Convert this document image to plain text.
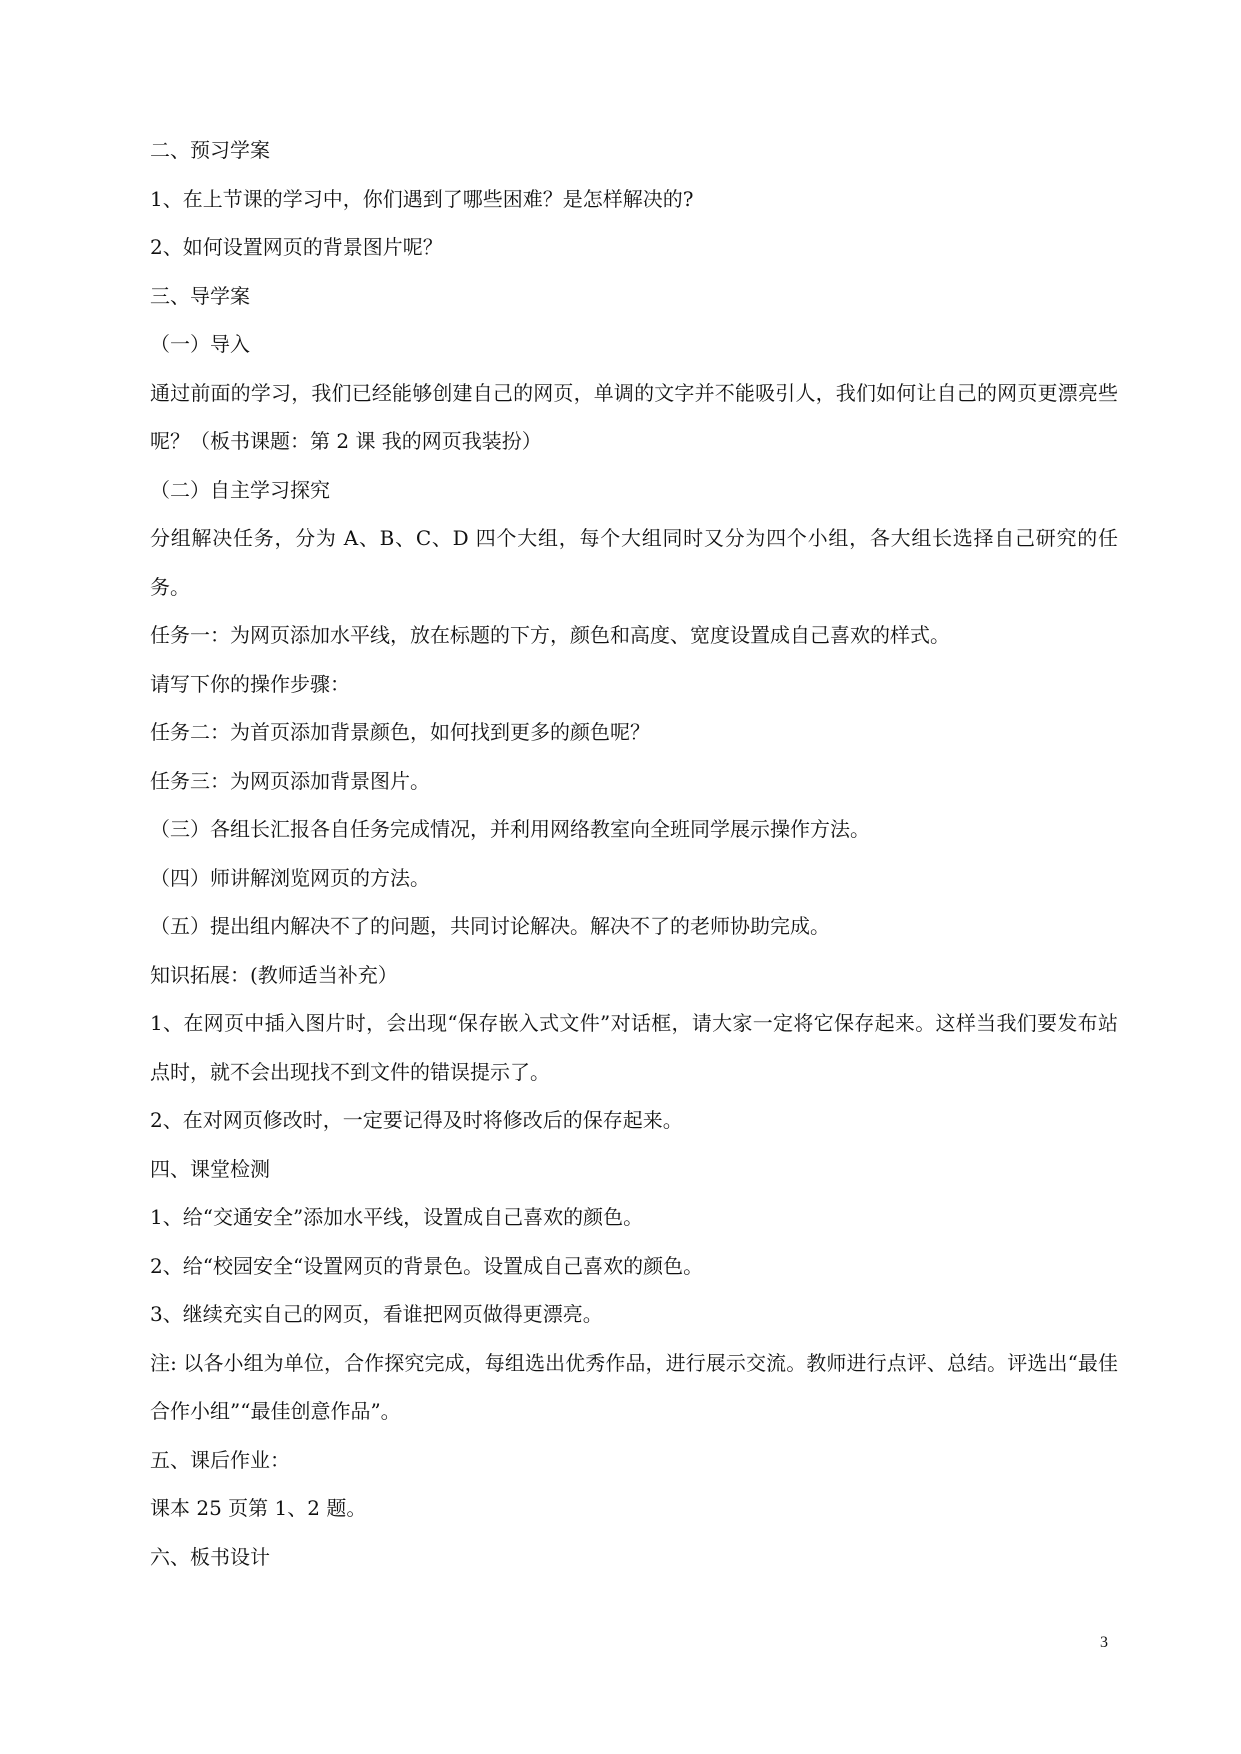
二、预习学案

1、在上节课的学习中，你们遇到了哪些困难？是怎样解决的?

2、如何设置网页的背景图片呢？

三、导学案

（一）导入

通过前面的学习，我们已经能够创建自己的网页，单调的文字并不能吸引人，我们如何让自己的网页更漂亮些呢？（板书课题：第 2 课 我的网页我装扮）

（二）自主学习探究

分组解决任务，分为 A、B、C、D 四个大组，每个大组同时又分为四个小组，各大组长选择自己研究的任务。

任务一：为网页添加水平线，放在标题的下方，颜色和高度、宽度设置成自己喜欢的样式。

请写下你的操作步骤：

任务二：为首页添加背景颜色，如何找到更多的颜色呢？

任务三：为网页添加背景图片。

（三）各组长汇报各自任务完成情况，并利用网络教室向全班同学展示操作方法。

（四）师讲解浏览网页的方法。

（五）提出组内解决不了的问题，共同讨论解决。解决不了的老师协助完成。

知识拓展：(教师适当补充）

1、在网页中插入图片时，会出现“保存嵌入式文件”对话框，请大家一定将它保存起来。这样当我们要发布站点时，就不会出现找不到文件的错误提示了。

2、在对网页修改时，一定要记得及时将修改后的保存起来。

四、课堂检测

1、给“交通安全”添加水平线，设置成自己喜欢的颜色。

2、给“校园安全“设置网页的背景色。设置成自己喜欢的颜色。

3、继续充实自己的网页，看谁把网页做得更漂亮。

注: 以各小组为单位，合作探究完成，每组选出优秀作品，进行展示交流。教师进行点评、总结。评选出“最佳合作小组”“最佳创意作品”。

五、课后作业：

课本 25 页第 1、2 题。

六、板书设计

3
